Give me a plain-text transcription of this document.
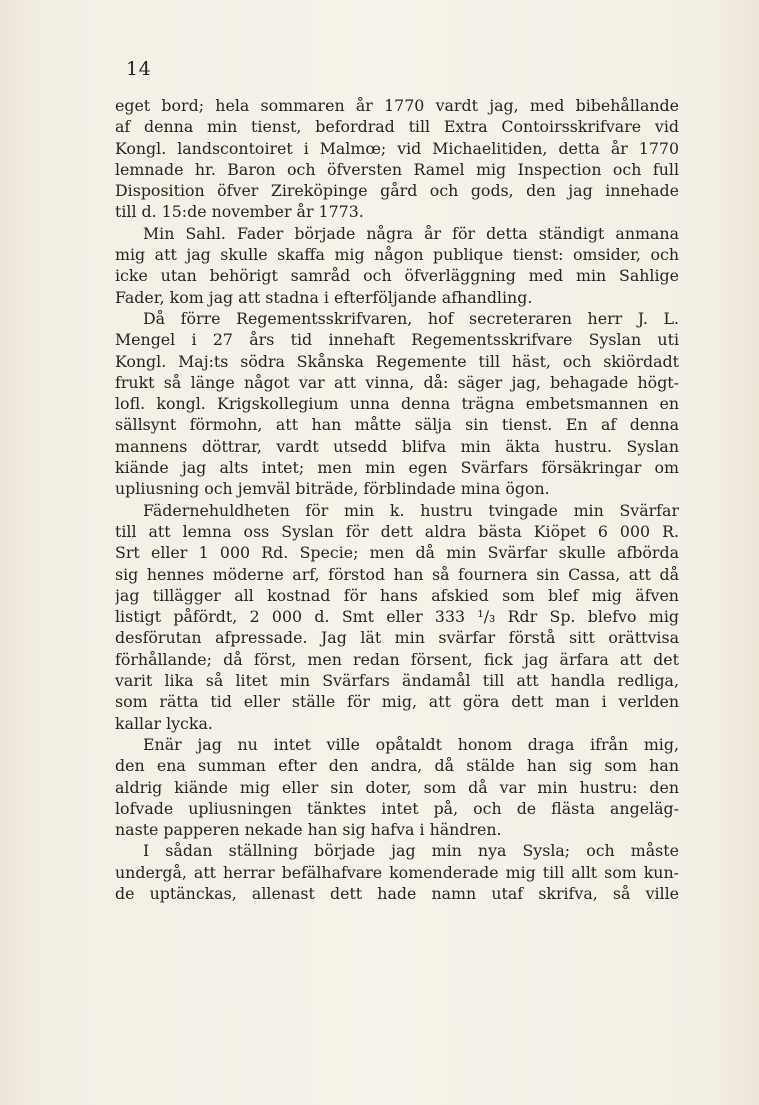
14
eget bord; hela sommaren år 1770 vardt jag, med bibehållande
af denna min tienst, befordrad till Extra Contoirsskrifvare vid
Kongl. landscontoiret i Malmœ; vid Michaelitiden, detta år 1770
lemnade hr. Baron och öfversten Ramel mig Inspection och full
Disposition öfver Zireköpinge gård och gods, den jag innehade
till d. 15:de november år 1773.
Min Sahl. Fader började några år för detta ständigt anmana
mig att jag skulle skaffa mig någon publique tienst: omsider, och
icke utan behörigt samråd och öfverläggning med min Sahlige
Fader, kom jag att stadna i efterföljande afhandling.
Då förre Regementsskrifvaren, hof secreteraren herr J. L.
Mengel i 27 års tid innehaft Regementsskrifvare Syslan uti
Kongl. Maj:ts södra Skånska Regemente till häst, och skiördadt
frukt så länge något var att vinna, då: säger jag, behagade högt-
lofl. kongl. Krigskollegium unna denna trägna embetsmannen en
sällsynt förmohn, att han måtte sälja sin tienst. En af denna
mannens döttrar, vardt utsedd blifva min äkta hustru. Syslan
kiände jag alts intet; men min egen Svärfars försäkringar om
upliusning och jemväl biträde, förblindade mina ögon.
Fädernehuldheten för min k. hustru tvingade min Svärfar
till att lemna oss Syslan för dett aldra bästa Kiöpet 6 000 R.
Srt eller 1 000 Rd. Specie; men då min Svärfar skulle afbörda
sig hennes möderne arf, förstod han så fournera sin Cassa, att då
jag tillägger all kostnad för hans afskied som blef mig äfven
listigt påfördt, 2 000 d. Smt eller 333 ¹/₃ Rdr Sp. blefvo mig
desförutan afpressade. Jag lät min svärfar förstå sitt orättvisa
förhållande; då först, men redan försent, fick jag ärfara att det
varit lika så litet min Svärfars ändamål till att handla redliga,
som rätta tid eller ställe för mig, att göra dett man i verlden
kallar lycka.
Enär jag nu intet ville opåtaldt honom draga ifrån mig,
den ena summan efter den andra, då stälde han sig som han
aldrig kiände mig eller sin doter, som då var min hustru: den
lofvade upliusningen tänktes intet på, och de flästa angeläg-
naste papperen nekade han sig hafva i händren.
I sådan ställning började jag min nya Sysla; och måste
undergå, att herrar befälhafvare komenderade mig till allt som kun-
de uptänckas, allenast dett hade namn utaf skrifva, så ville
